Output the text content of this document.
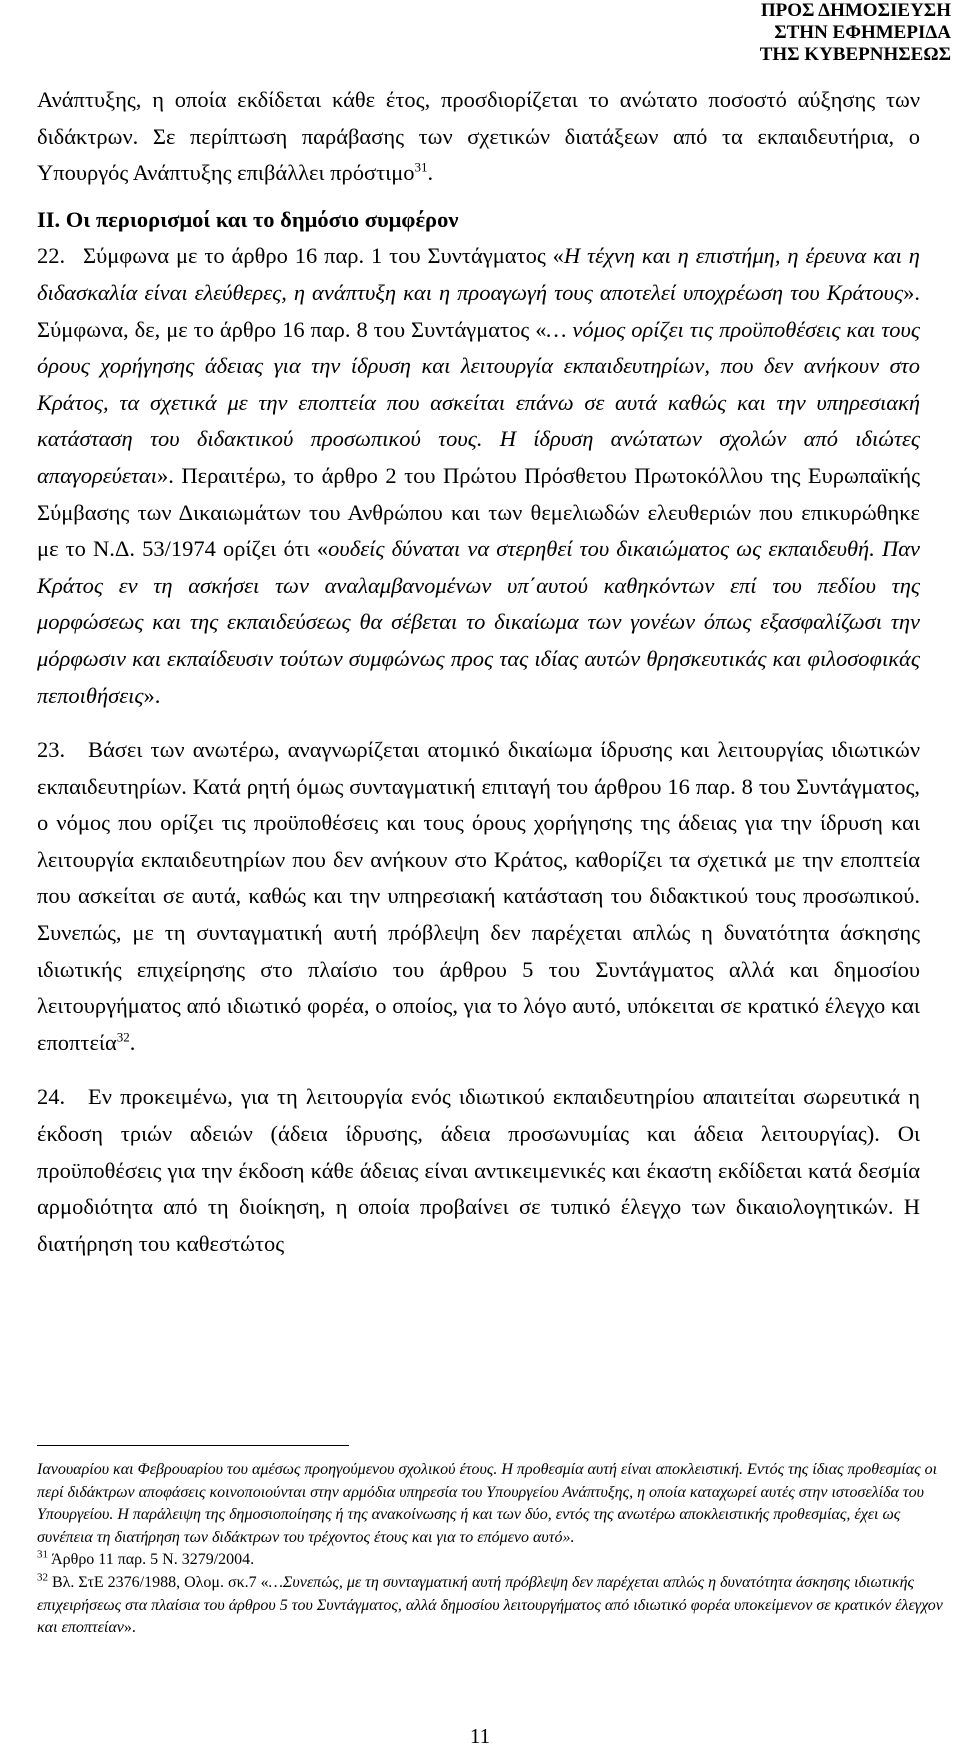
ΠΡΟΣ ΔΗΜΟΣΙΕΥΣΗ
ΣΤΗΝ ΕΦΗΜΕΡΙΔΑ
ΤΗΣ ΚΥΒΕΡΝΗΣΕΩΣ

Ανάπτυξης, η οποία εκδίδεται κάθε έτος, προσδιορίζεται το ανώτατο ποσοστό αύξησης των διδάκτρων. Σε περίπτωση παράβασης των σχετικών διατάξεων από τα εκπαιδευτήρια, ο Υπουργός Ανάπτυξης επιβάλλει πρόστιμο$^{31}$.

ΙΙ. Οι περιορισμοί και το δημόσιο συμφέρον

22. Σύμφωνα με το άρθρο 16 παρ. 1 του Συντάγματος «Η τέχνη και η επιστήμη, η έρευνα και η διδασκαλία είναι ελεύθερες, η ανάπτυξη και η προαγωγή τους αποτελεί υποχρέωση του Κράτους». Σύμφωνα, δε, με το άρθρο 16 παρ. 8 του Συντάγματος «… νόμος ορίζει τις προϋποθέσεις και τους όρους χορήγησης άδειας για την ίδρυση και λειτουργία εκπαιδευτηρίων, που δεν ανήκουν στο Κράτος, τα σχετικά με την εποπτεία που ασκείται επάνω σε αυτά καθώς και την υπηρεσιακή κατάσταση του διδακτικού προσωπικού τους. Η ίδρυση ανώτατων σχολών από ιδιώτες απαγορεύεται». Περαιτέρω, το άρθρο 2 του Πρώτου Πρόσθετου Πρωτοκόλλου της Ευρωπαϊκής Σύμβασης των Δικαιωμάτων του Ανθρώπου και των θεμελιωδών ελευθεριών που επικυρώθηκε με το Ν.Δ. 53/1974 ορίζει ότι «ουδείς δύναται να στερηθεί του δικαιώματος ως εκπαιδευθή. Παν Κράτος εν τη ασκήσει των αναλαμβανομένων υπ΄αυτού καθηκόντων επί του πεδίου της μορφώσεως και της εκπαιδεύσεως θα σέβεται το δικαίωμα των γονέων όπως εξασφαλίζωσι την μόρφωσιν και εκπαίδευσιν τούτων συμφώνως προς τας ιδίας αυτών θρησκευτικάς και φιλοσοφικάς πεποιθήσεις».

23. Βάσει των ανωτέρω, αναγνωρίζεται ατομικό δικαίωμα ίδρυσης και λειτουργίας ιδιωτικών εκπαιδευτηρίων. Κατά ρητή όμως συνταγματική επιταγή του άρθρου 16 παρ. 8 του Συντάγματος, ο νόμος που ορίζει τις προϋποθέσεις και τους όρους χορήγησης της άδειας για την ίδρυση και λειτουργία εκπαιδευτηρίων που δεν ανήκουν στο Κράτος, καθορίζει τα σχετικά με την εποπτεία που ασκείται σε αυτά, καθώς και την υπηρεσιακή κατάσταση του διδακτικού τους προσωπικού. Συνεπώς, με τη συνταγματική αυτή πρόβλεψη δεν παρέχεται απλώς η δυνατότητα άσκησης ιδιωτικής επιχείρησης στο πλαίσιο του άρθρου 5 του Συντάγματος αλλά και δημοσίου λειτουργήματος από ιδιωτικό φορέα, ο οποίος, για το λόγο αυτό, υπόκειται σε κρατικό έλεγχο και εποπτεία$^{32}$.

24. Εν προκειμένω, για τη λειτουργία ενός ιδιωτικού εκπαιδευτηρίου απαιτείται σωρευτικά η έκδοση τριών αδειών (άδεια ίδρυσης, άδεια προσωνυμίας και άδεια λειτουργίας). Οι προϋποθέσεις για την έκδοση κάθε άδειας είναι αντικειμενικές και έκαστη εκδίδεται κατά δεσμία αρμοδιότητα από τη διοίκηση, η οποία προβαίνει σε τυπικό έλεγχο των δικαιολογητικών. Η διατήρηση του καθεστώτος

Ιανουαρίου και Φεβρουαρίου του αμέσως προηγούμενου σχολικού έτους. Η προθεσμία αυτή είναι αποκλειστική. Εντός της ίδιας προθεσμίας οι περί διδάκτρων αποφάσεις κοινοποιούνται στην αρμόδια υπηρεσία του Υπουργείου Ανάπτυξης, η οποία καταχωρεί αυτές στην ιστοσελίδα του Υπουργείου. Η παράλειψη της δημοσιοποίησης ή της ανακοίνωσης ή και των δύο, εντός της ανωτέρω αποκλειστικής προθεσμίας, έχει ως συνέπεια τη διατήρηση των διδάκτρων του τρέχοντος έτους και για το επόμενο αυτό».

$^{31}$ Άρθρο 11 παρ. 5 Ν. 3279/2004.

$^{32}$ Βλ. ΣτΕ 2376/1988, Ολομ. σκ.7 «…Συνεπώς, με τη συνταγματική αυτή πρόβλεψη δεν παρέχεται απλώς η δυνατότητα άσκησης ιδιωτικής επιχειρήσεως στα πλαίσια του άρθρου 5 του Συντάγματος, αλλά δημοσίου λειτουργήματος από ιδιωτικό φορέα υποκείμενον σε κρατικόν έλεγχον και εποπτείαν».

11
